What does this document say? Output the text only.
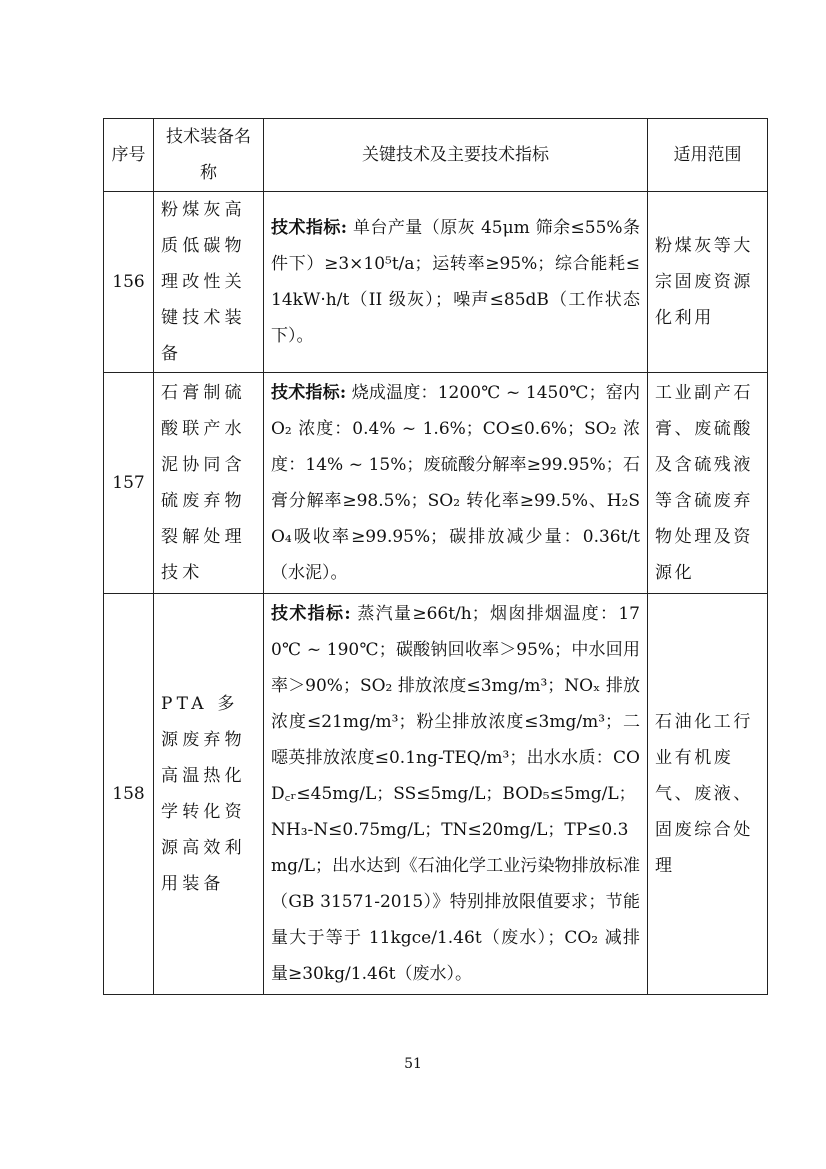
序号	技术装备名称	关键技术及主要技术指标	适用范围
156	粉煤灰高质低碳物理改性关键技术装备	技术指标: 单台产量（原灰 45μm 筛余≤55%条件下）≥3×10⁵t/a；运转率≥95%；综合能耗≤14kW·h/t（II 级灰）；噪声≤85dB（工作状态下）。	粉煤灰等大宗固废资源化利用
157	石膏制硫酸联产水泥协同含硫废弃物裂解处理技术	技术指标: 烧成温度：1200℃ ~ 1450℃；窑内 O₂ 浓度：0.4% ~ 1.6%；CO≤0.6%；SO₂ 浓度：14% ~ 15%；废硫酸分解率≥99.95%；石膏分解率≥98.5%；SO₂ 转化率≥99.5%、H₂SO₄吸收率≥99.95%；碳排放减少量：0.36t/t（水泥）。	工业副产石膏、废硫酸及含硫残液等含硫废弃物处理及资源化
158	PTA 多源废弃物高温热化学转化资源高效利用装备	技术指标: 蒸汽量≥66t/h；烟囱排烟温度：170℃ ~ 190℃；碳酸钠回收率＞95%；中水回用率＞90%；SO₂ 排放浓度≤3mg/m³；NOₓ 排放浓度≤21mg/m³；粉尘排放浓度≤3mg/m³；二噁英排放浓度≤0.1ng-TEQ/m³；出水水质：COD꜀ᵣ≤45mg/L；SS≤5mg/L；BOD₅≤5mg/L；NH₃-N≤0.75mg/L；TN≤20mg/L；TP≤0.3mg/L；出水达到《石油化学工业污染物排放标准（GB 31571-2015）》特别排放限值要求；节能量大于等于 11kgce/1.46t（废水）；CO₂ 减排量≥30kg/1.46t（废水）。	石油化工行业有机废气、废液、固废综合处理
51
